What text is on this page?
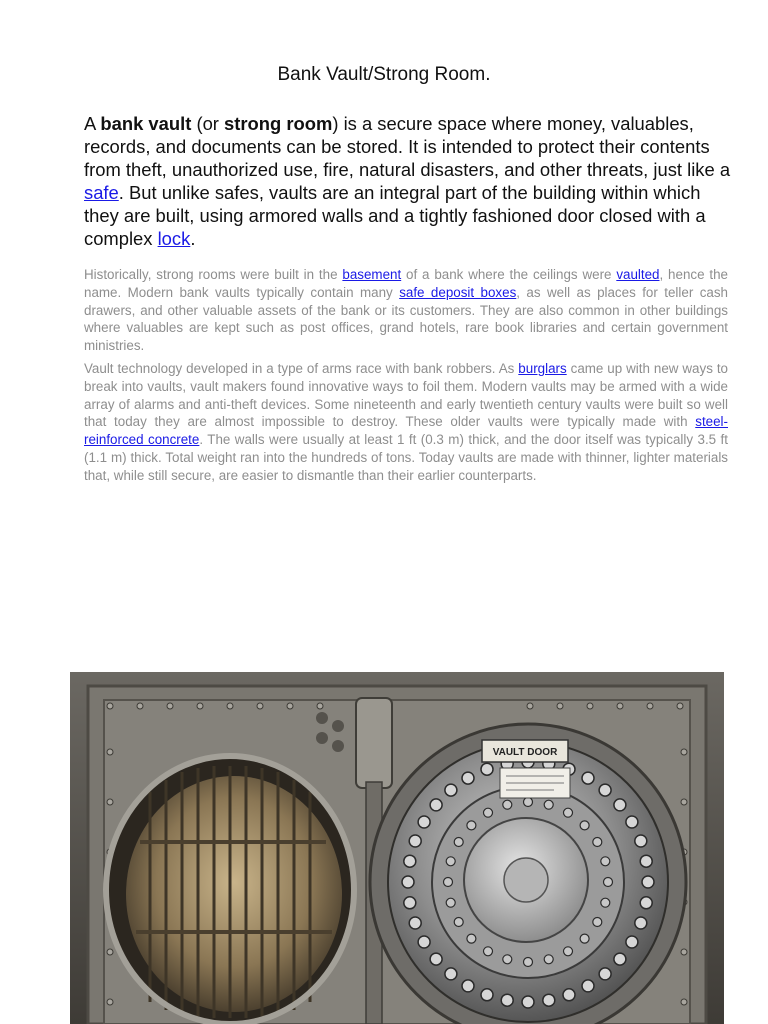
Bank Vault/Strong Room.

A bank vault (or strong room) is a secure space where money, valuables, records, and documents can be stored. It is intended to protect their contents from theft, unauthorized use, fire, natural disasters, and other threats, just like a safe. But unlike safes, vaults are an integral part of the building within which they are built, using armored walls and a tightly fashioned door closed with a complex lock.

Historically, strong rooms were built in the basement of a bank where the ceilings were vaulted, hence the name. Modern bank vaults typically contain many safe deposit boxes, as well as places for teller cash drawers, and other valuable assets of the bank or its customers. They are also common in other buildings where valuables are kept such as post offices, grand hotels, rare book libraries and certain government ministries.

Vault technology developed in a type of arms race with bank robbers. As burglars came up with new ways to break into vaults, vault makers found innovative ways to foil them. Modern vaults may be armed with a wide array of alarms and anti-theft devices. Some nineteenth and early twentieth century vaults were built so well that today they are almost impossible to destroy. These older vaults were typically made with steel-reinforced concrete. The walls were usually at least 1 ft (0.3 m) thick, and the door itself was typically 3.5 ft (1.1 m) thick. Total weight ran into the hundreds of tons. Today vaults are made with thinner, lighter materials that, while still secure, are easier to dismantle than their earlier counterparts.

VAULT DOOR
